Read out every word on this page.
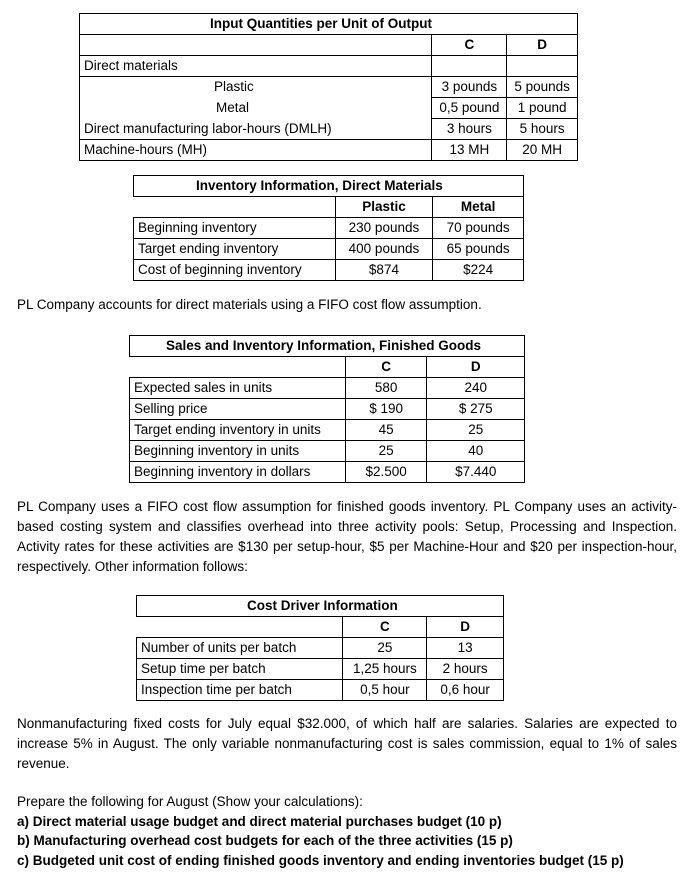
Input Quantities per Unit of Output		
	C	D
Direct materials		
Plastic	3 pounds	5 pounds
Metal	0,5 pound	1 pound
Direct manufacturing labor-hours (DMLH)	3 hours	5 hours
Machine-hours (MH)	13 MH	20 MH
Inventory Information, Direct Materials		
	Plastic	Metal
Beginning inventory	230 pounds	70 pounds
Target ending inventory	400 pounds	65 pounds
Cost of beginning inventory	$874	$224

PL Company accounts for direct materials using a FIFO cost flow assumption.

Sales and Inventory Information, Finished Goods		
	C	D
Expected sales in units	580	240
Selling price	$ 190	$ 275
Target ending inventory in units	45	25
Beginning inventory in units	25	40
Beginning inventory in dollars	$2.500	$7.440

PL Company uses a FIFO cost flow assumption for finished goods inventory. PL Company uses an activity-based costing system and classifies overhead into three activity pools: Setup, Processing and Inspection. Activity rates for these activities are $130 per setup-hour, $5 per Machine-Hour and $20 per inspection-hour, respectively. Other information follows:

Cost Driver Information		
	C	D
Number of units per batch	25	13
Setup time per batch	1,25 hours	2 hours
Inspection time per batch	0,5 hour	0,6 hour

Nonmanufacturing fixed costs for July equal $32.000, of which half are salaries. Salaries are expected to increase 5% in August. The only variable nonmanufacturing cost is sales commission, equal to 1% of sales revenue.

Prepare the following for August (Show your calculations):

a) Direct material usage budget and direct material purchases budget (10 p)

b) Manufacturing overhead cost budgets for each of the three activities (15 p)

c) Budgeted unit cost of ending finished goods inventory and ending inventories budget (15 p)
